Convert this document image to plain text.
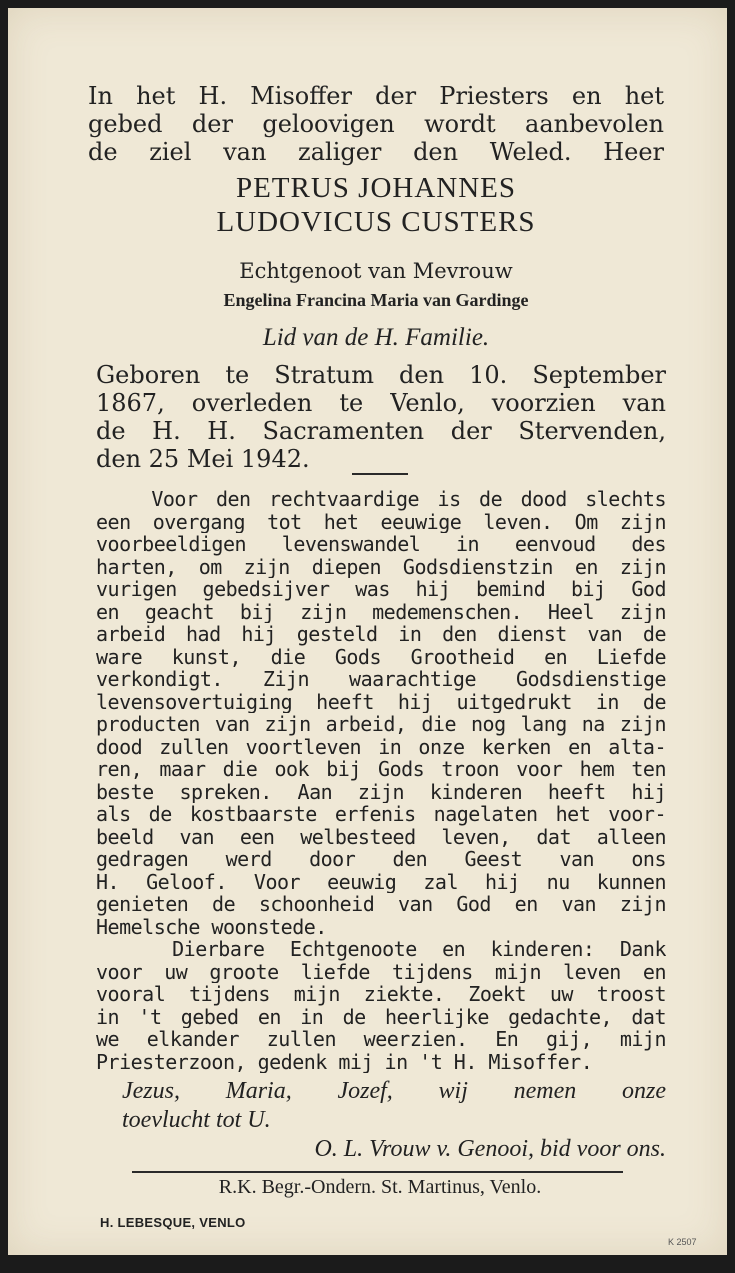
In het H. Misoffer der Priesters en het
gebed der geloovigen wordt aanbevolen
de ziel van zaliger den Weled. Heer
PETRUS JOHANNES
LUDOVICUS CUSTERS
Echtgenoot van Mevrouw
Engelina Francina Maria van Gardinge
Lid van de H. Familie.
Geboren te Stratum den 10. September
1867, overleden te Venlo, voorzien van
de H. H. Sacramenten der Stervenden,
den 25 Mei 1942.
Voor den rechtvaardige is de dood slechts
een overgang tot het eeuwige leven. Om zijn
voorbeeldigen levenswandel in eenvoud des
harten, om zijn diepen Godsdienstzin en zijn
vurigen gebedsijver was hij bemind bij God
en geacht bij zijn medemenschen. Heel zijn
arbeid had hij gesteld in den dienst van de
ware kunst, die Gods Grootheid en Liefde
verkondigt. Zijn waarachtige Godsdienstige
levensovertuiging heeft hij uitgedrukt in de
producten van zijn arbeid, die nog lang na zijn
dood zullen voortleven in onze kerken en alta-
ren, maar die ook bij Gods troon voor hem ten
beste spreken. Aan zijn kinderen heeft hij
als de kostbaarste erfenis nagelaten het voor-
beeld van een welbesteed leven, dat alleen
gedragen werd door den Geest van ons
H. Geloof. Voor eeuwig zal hij nu kunnen
genieten de schoonheid van God en van zijn
Hemelsche woonstede.
Dierbare Echtgenoote en kinderen: Dank
voor uw groote liefde tijdens mijn leven en
vooral tijdens mijn ziekte. Zoekt uw troost
in 't gebed en in de heerlijke gedachte, dat
we elkander zullen weerzien. En gij, mijn
Priesterzoon, gedenk mij in 't H. Misoffer.
Jezus, Maria, Jozef, wij nemen onze
toevlucht tot U.
O. L. Vrouw v. Genooi, bid voor ons.
R.K. Begr.-Ondern. St. Martinus, Venlo.
H. LEBESQUE, VENLO
K 2507
